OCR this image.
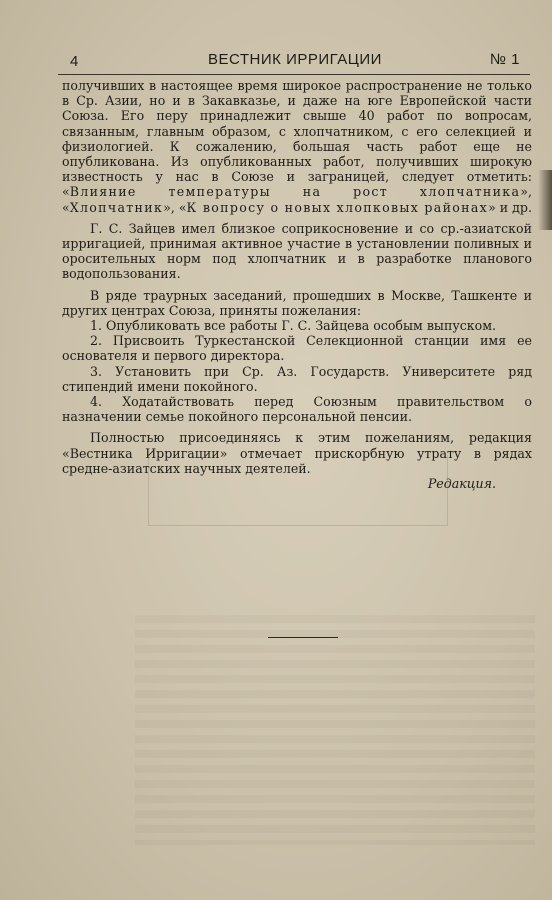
4	ВЕСТНИК ИРРИГАЦИИ	№ 1

получивших в настоящее время широкое распространение не только в Ср. Азии, но и в Закавказье, и даже на юге Европейской части Союза. Его перу принадлежит свыше 40 работ по вопросам, связанным, главным образом, с хлопчатником, с его селекцией и физиологией. К сожалению, большая часть работ еще не опубликована. Из опубликованных работ, получивших широкую известность у нас в Союзе и заграницей, следует отметить: «Влияние температуры на рост хлопчатника», «Хлопчатник», «К вопросу о новых хлопковых районах» и др.

Г. С. Зайцев имел близкое соприкосновение и со ср.-азиатской ирригацией, принимая активное участие в установлении поливных и оросительных норм под хлопчатник и в разработке планового водопользования.

В ряде траурных заседаний, прошедших в Москве, Ташкенте и других центрах Союза, приняты пожелания:

1. Опубликовать все работы Г. С. Зайцева особым выпуском.

2. Присвоить Туркестанской Селекционной станции имя ее основателя и первого директора.

3. Установить при Ср. Аз. Государств. Университете ряд стипендий имени покойного.

4. Ходатайствовать перед Союзным правительством о назначении семье покойного персональной пенсии.

Полностью присоединяясь к этим пожеланиям, редакция «Вестника Ирригации» отмечает прискорбную утрату в рядах средне-азиатских научных деятелей.

Редакция.
